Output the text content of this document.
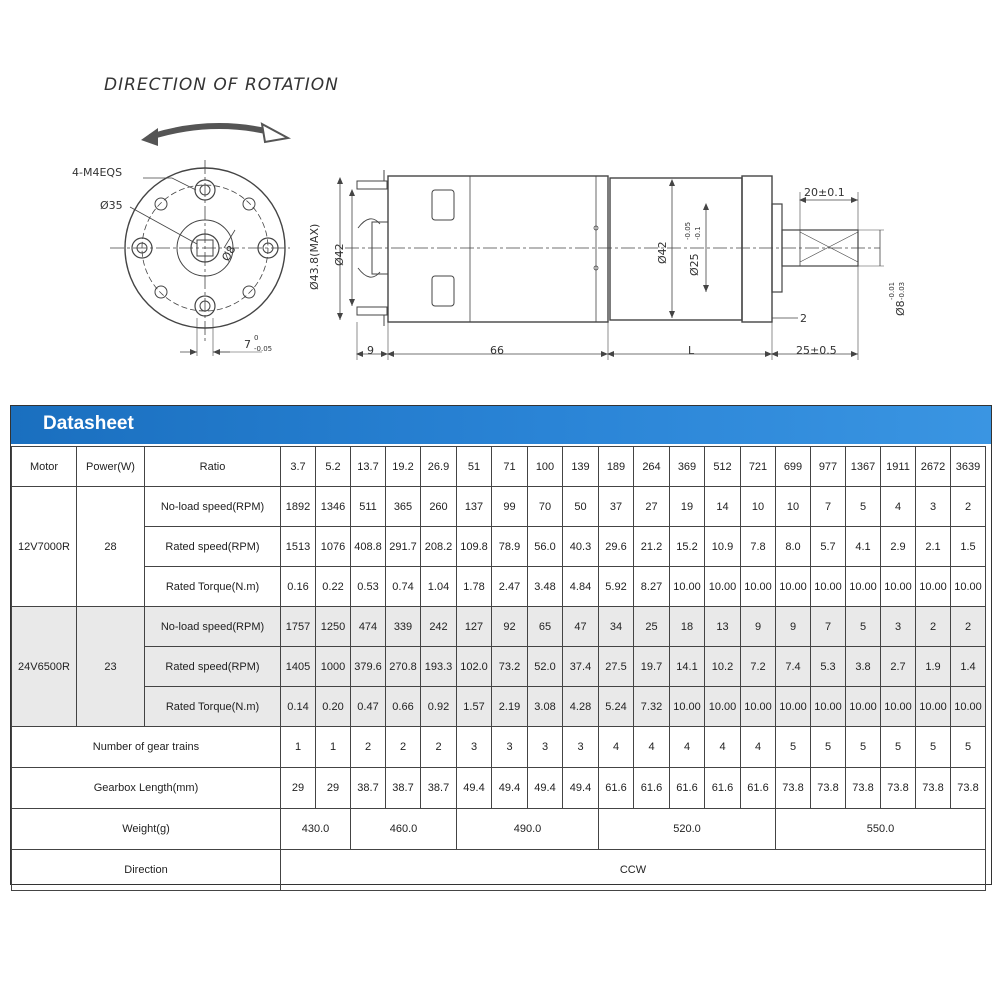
DIRECTION OF ROTATION
4-M4EQS
Ø35
Ø8
7 0
-0.05
Ø43.8(MAX) Ø42	Ø42
Ø25
-0.05 -0.1
20±0.1
Ø8
-0.01 -0.03
2
9	66	L	25±0.5
Datasheet
Motor	Power(W)	Ratio	3.7	5.2	13.7	19.2	26.9	51	71	100	139	189	264	369	512	721	699	977	1367	1911	2672	3639
12V7000R	28	No-load speed(RPM)	1892	1346	511	365	260	137	99	70	50	37	27	19	14	10	10	7	5	4	3	2
		Rated speed(RPM)	1513	1076	408.8	291.7	208.2	109.8	78.9	56.0	40.3	29.6	21.2	15.2	10.9	7.8	8.0	5.7	4.1	2.9	2.1	1.5
		Rated Torque(N.m)	0.16	0.22	0.53	0.74	1.04	1.78	2.47	3.48	4.84	5.92	8.27	10.00	10.00	10.00	10.00	10.00	10.00	10.00	10.00	10.00
24V6500R	23	No-load speed(RPM)	1757	1250	474	339	242	127	92	65	47	34	25	18	13	9	9	7	5	3	2	2
		Rated speed(RPM)	1405	1000	379.6	270.8	193.3	102.0	73.2	52.0	37.4	27.5	19.7	14.1	10.2	7.2	7.4	5.3	3.8	2.7	1.9	1.4
		Rated Torque(N.m)	0.14	0.20	0.47	0.66	0.92	1.57	2.19	3.08	4.28	5.24	7.32	10.00	10.00	10.00	10.00	10.00	10.00	10.00	10.00	10.00
Number of gear trains			1	1	2	2	2	3	3	3	3	4	4	4	4	4	5	5	5	5	5	5
Gearbox Length(mm)			29	29	38.7	38.7	38.7	49.4	49.4	49.4	49.4	61.6	61.6	61.6	61.6	61.6	73.8	73.8	73.8	73.8	73.8	73.8
Weight(g)			430.0		460.0			490.0				520.0					550.0					
Direction			CCW																			
